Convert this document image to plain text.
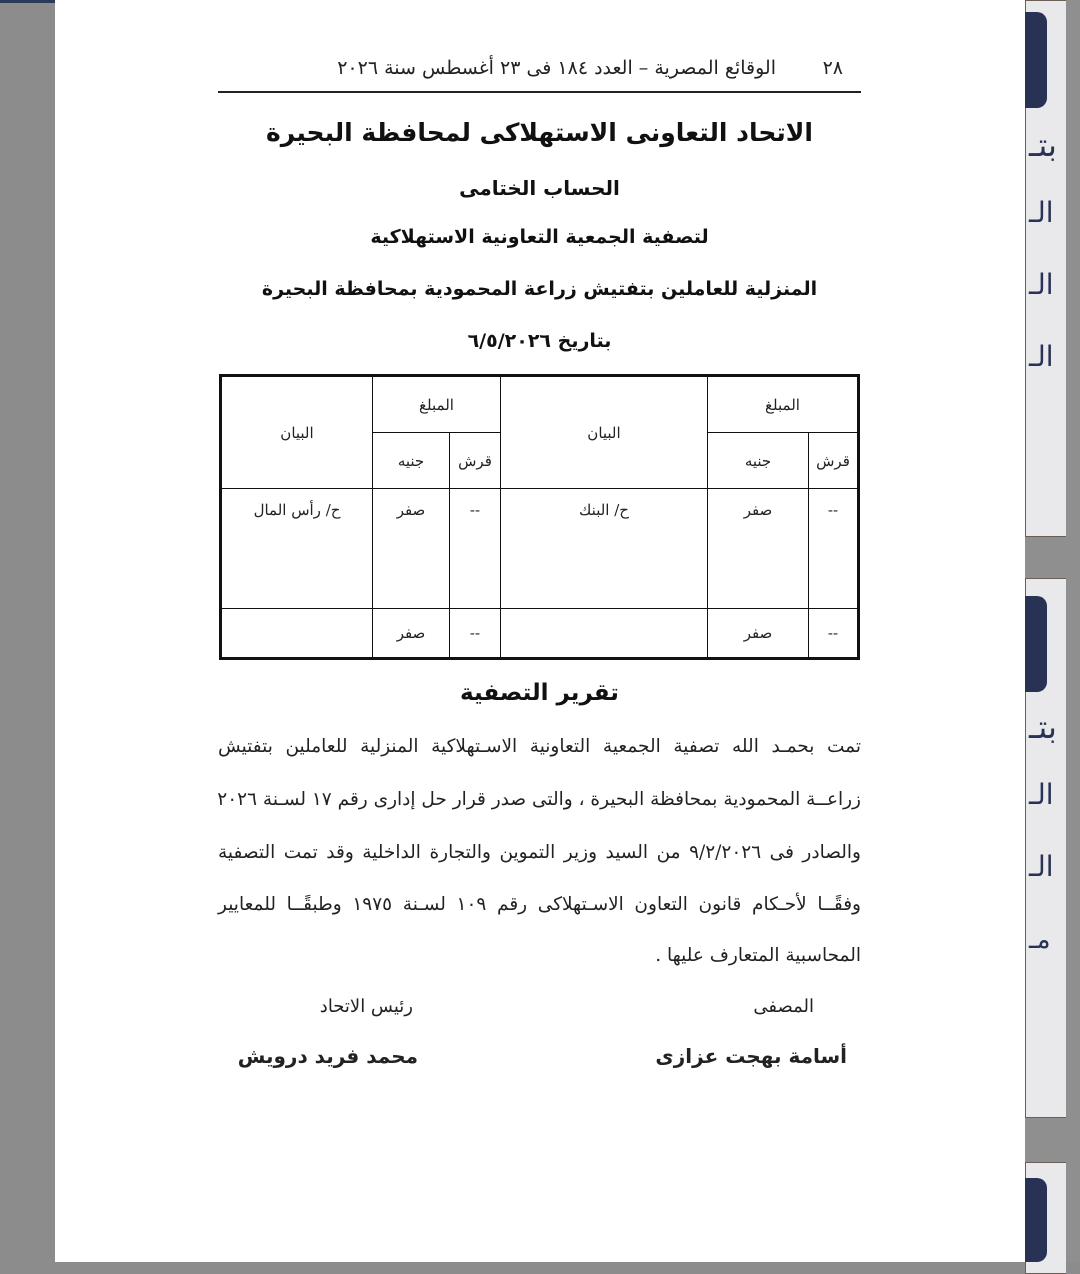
بتـ
الـ
الـ
الـ
بتـ
الـ
الـ
مـ
٢٨
الوقائع المصرية – العدد ١٨٤ فى ٢٣ أغسطس سنة ٢٠٢٦
الاتحاد التعاونى الاستهلاكى لمحافظة البحيرة
الحساب الختامى
لتصفية الجمعية التعاونية الاستهلاكية
المنزلية للعاملين بتفتيش زراعة المحمودية بمحافظة البحيرة
بتاريخ ٦/٥/٢٠٢٦
المبلغ		البيان	المبلغ		البيان
قرش	جنيه		قرش	جنيه	
--	صفر	ح/ البنك	--	صفر	ح/ رأس المال
--	صفر		--	صفر	
تقرير التصفية
تمت بحمـد الله تصفية الجمعية التعاونية الاسـتهلاكية المنزلية للعاملين بتفتيش
زراعــة المحمودية بمحافظة البحيرة ، والتى صدر قرار حل إدارى رقم ١٧ لسـنة ٢٠٢٦
والصادر فى ٩/٢/٢٠٢٦ من السيد وزير التموين والتجارة الداخلية وقد تمت التصفية
وفقًــا لأحـكام قانون التعاون الاسـتهلاكى رقم ١٠٩ لسـنة ١٩٧٥ وطبقًــا للمعايير
المحاسبية المتعارف عليها .
المصفى
أسامة بهجت عزازى
رئيس الاتحاد
محمد فريد درويش
